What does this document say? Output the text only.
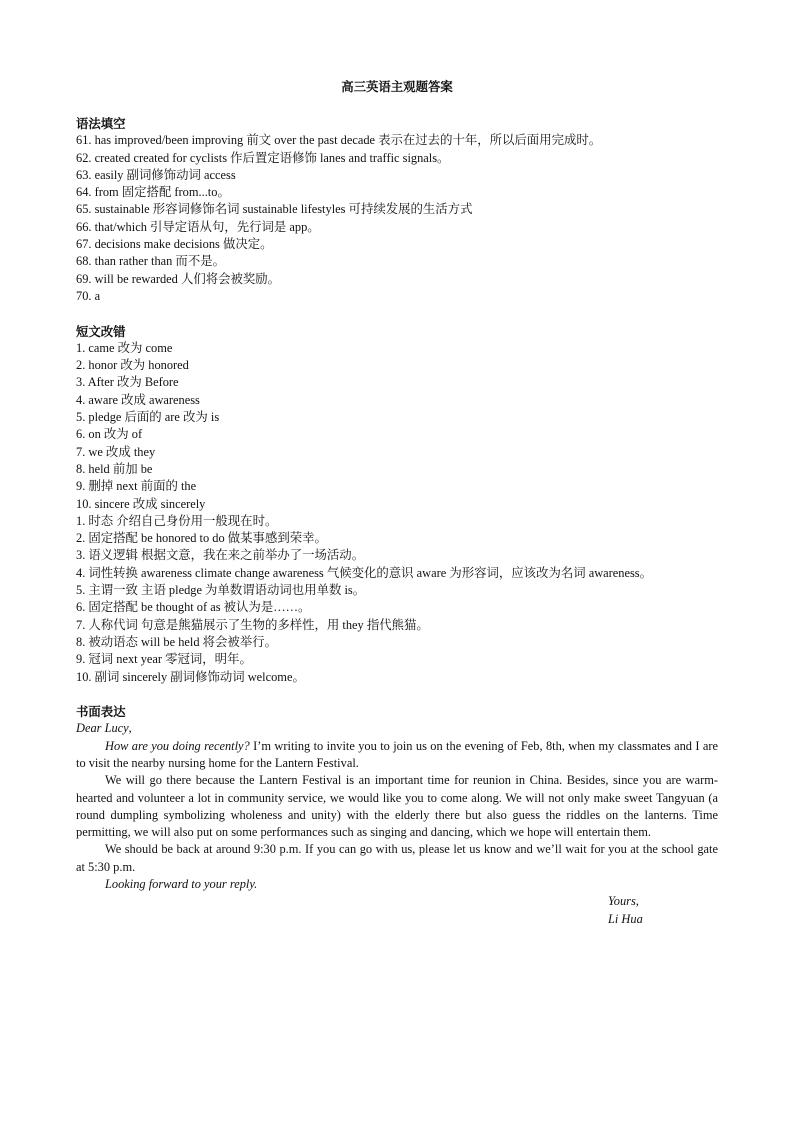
高三英语主观题答案
语法填空
61. has improved/been improving 前文 over the past decade 表示在过去的十年，所以后面用完成时。
62. created created for cyclists 作后置定语修饰 lanes and traffic signals。
63. easily 副词修饰动词 access
64. from 固定搭配 from...to。
65. sustainable 形容词修饰名词 sustainable lifestyles 可持续发展的生活方式
66. that/which 引导定语从句，先行词是 app。
67. decisions make decisions 做决定。
68. than rather than 而不是。
69. will be rewarded 人们将会被奖励。
70. a
短文改错
1. came 改为 come
2. honor 改为 honored
3. After 改为 Before
4. aware 改成 awareness
5. pledge 后面的 are 改为 is
6. on 改为 of
7. we 改成 they
8. held 前加 be
9. 删掉 next 前面的 the
10. sincere 改成 sincerely
1. 时态 介绍自己身份用一般现在时。
2. 固定搭配 be honored to do 做某事感到荣幸。
3. 语义逻辑 根据文意，我在来之前举办了一场活动。
4. 词性转换 awareness climate change awareness 气候变化的意识 aware 为形容词，应该改为名词 awareness。
5. 主谓一致 主语 pledge 为单数谓语动词也用单数 is。
6. 固定搭配 be thought of as 被认为是……。
7. 人称代词 句意是熊猫展示了生物的多样性，用 they 指代熊猫。
8. 被动语态 will be held 将会被举行。
9. 冠词 next year 零冠词，明年。
10. 副词 sincerely 副词修饰动词 welcome。
书面表达

Dear Lucy,

How are you doing recently? I’m writing to invite you to join us on the evening of Feb, 8th, when my classmates and I are to visit the nearby nursing home for the Lantern Festival.

We will go there because the Lantern Festival is an important time for reunion in China. Besides, since you are warm-hearted and volunteer a lot in community service, we would like you to come along. We will not only make sweet Tangyuan (a round dumpling symbolizing wholeness and unity) with the elderly there but also guess the riddles on the lanterns. Time permitting, we will also put on some performances such as singing and dancing, which we hope will entertain them.

We should be back at around 9:30 p.m. If you can go with us, please let us know and we’ll wait for you at the school gate at 5:30 p.m.

Looking forward to your reply.

Yours,

Li Hua
